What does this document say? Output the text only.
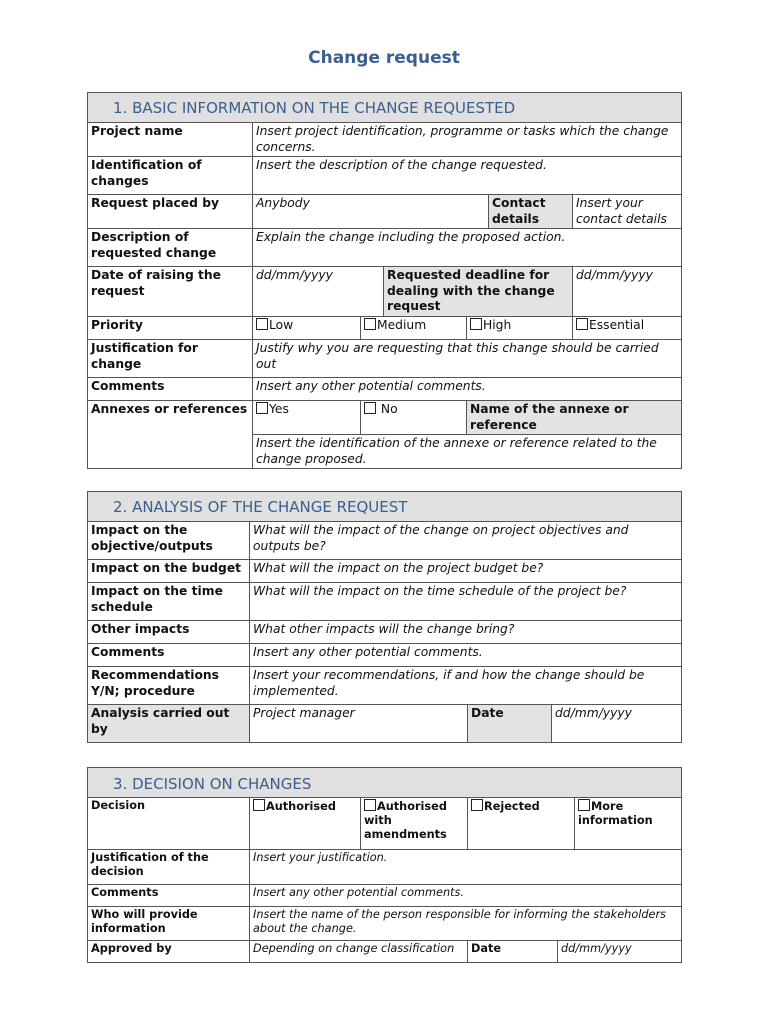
Change request
1. BASIC INFORMATION ON THE CHANGE REQUESTED						
Project name	Insert project identification, programme or tasks which the change concerns.					
Identification of changes	Insert the description of the change requested.					
Request placed by	Anybody				Contact details	Insert your contact details
Description of requested change	Explain the change including the proposed action.					
Date of raising the request	dd/mm/yyyy		Requested deadline for dealing with the change request			dd/mm/yyyy
Priority	Low	Medium		High		Essential
Justification for change	Justify why you are requesting that this change should be carried out					
Comments	Insert any other potential comments.					
Annexes or references	Yes	No		Name of the annexe or reference		
	Insert the identification of the annexe or reference related to the change proposed.					
2. ANALYSIS OF THE CHANGE REQUEST			
Impact on the objective/outputs	What will the impact of the change on project objectives and outputs be?		
Impact on the budget	What will the impact on the project budget be?		
Impact on the time schedule	What will the impact on the time schedule of the project be?		
Other impacts	What other impacts will the change bring?		
Comments	Insert any other potential comments.		
Recommendations Y/N; procedure	Insert your recommendations, if and how the change should be implemented.		
Analysis carried out by	Project manager	Date	dd/mm/yyyy
3. DECISION ON CHANGES					
Decision	Authorised	Authorised with amendments	Rejected		More information
Justification of the decision	Insert your justification.				
Comments	Insert any other potential comments.				
Who will provide information	Insert the name of the person responsible for informing the stakeholders about the change.				
Approved by	Depending on change classification		Date	dd/mm/yyyy	
